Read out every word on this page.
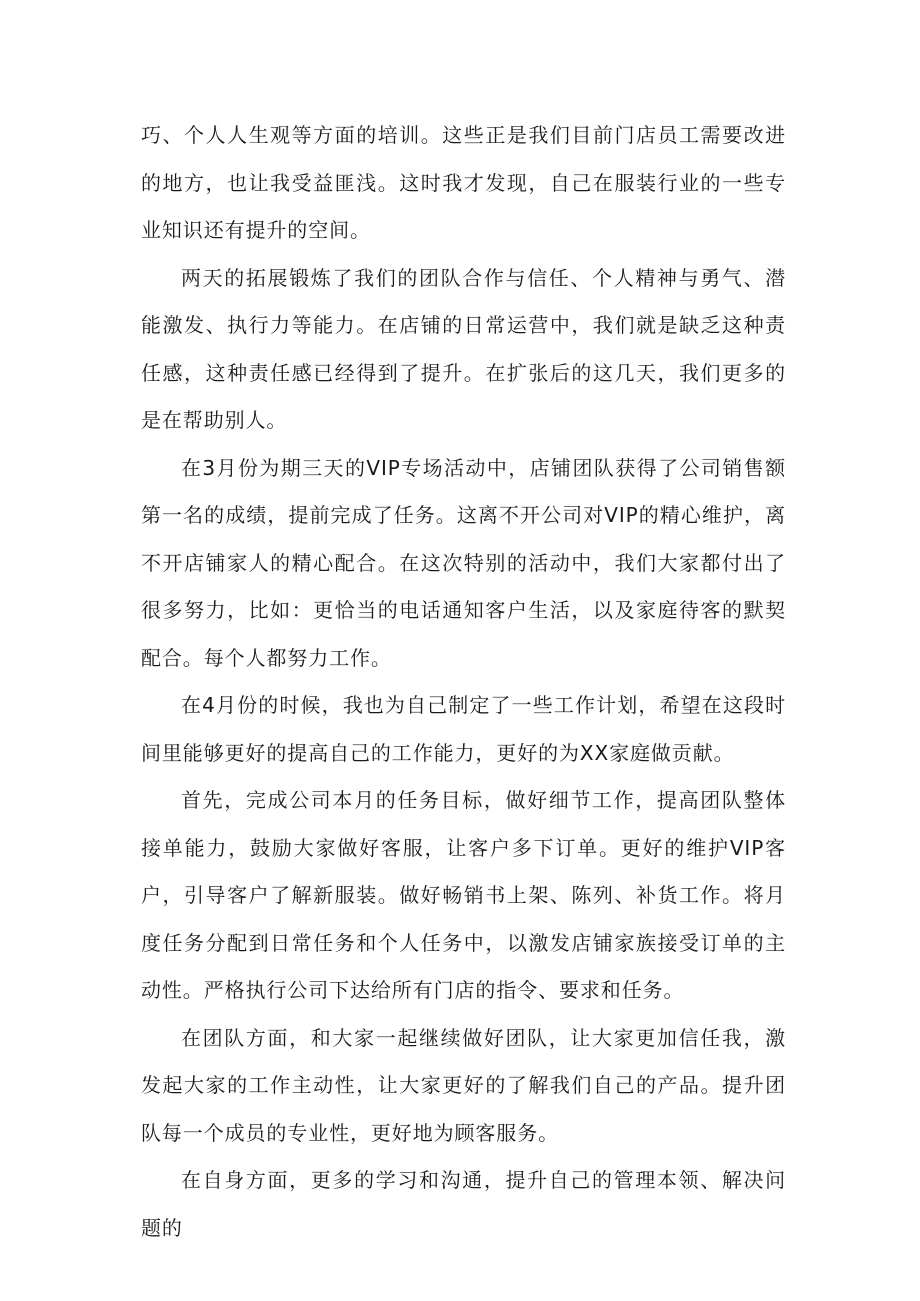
巧、个人人生观等方面的培训。这些正是我们目前门店员工需要改进的地方，也让我受益匪浅。这时我才发现，自己在服装行业的一些专业知识还有提升的空间。

两天的拓展锻炼了我们的团队合作与信任、个人精神与勇气、潜能激发、执行力等能力。在店铺的日常运营中，我们就是缺乏这种责任感，这种责任感已经得到了提升。在扩张后的这几天，我们更多的是在帮助别人。

在3月份为期三天的VIP专场活动中，店铺团队获得了公司销售额第一名的成绩，提前完成了任务。这离不开公司对VIP的精心维护，离不开店铺家人的精心配合。在这次特别的活动中，我们大家都付出了很多努力，比如：更恰当的电话通知客户生活，以及家庭待客的默契配合。每个人都努力工作。

在4月份的时候，我也为自己制定了一些工作计划，希望在这段时间里能够更好的提高自己的工作能力，更好的为XX家庭做贡献。

首先，完成公司本月的任务目标，做好细节工作，提高团队整体接单能力，鼓励大家做好客服，让客户多下订单。更好的维护VIP客户，引导客户了解新服装。做好畅销书上架、陈列、补货工作。将月度任务分配到日常任务和个人任务中，以激发店铺家族接受订单的主动性。严格执行公司下达给所有门店的指令、要求和任务。

在团队方面，和大家一起继续做好团队，让大家更加信任我，激发起大家的工作主动性，让大家更好的了解我们自己的产品。提升团队每一个成员的专业性，更好地为顾客服务。

在自身方面，更多的学习和沟通，提升自己的管理本领、解决问题的
